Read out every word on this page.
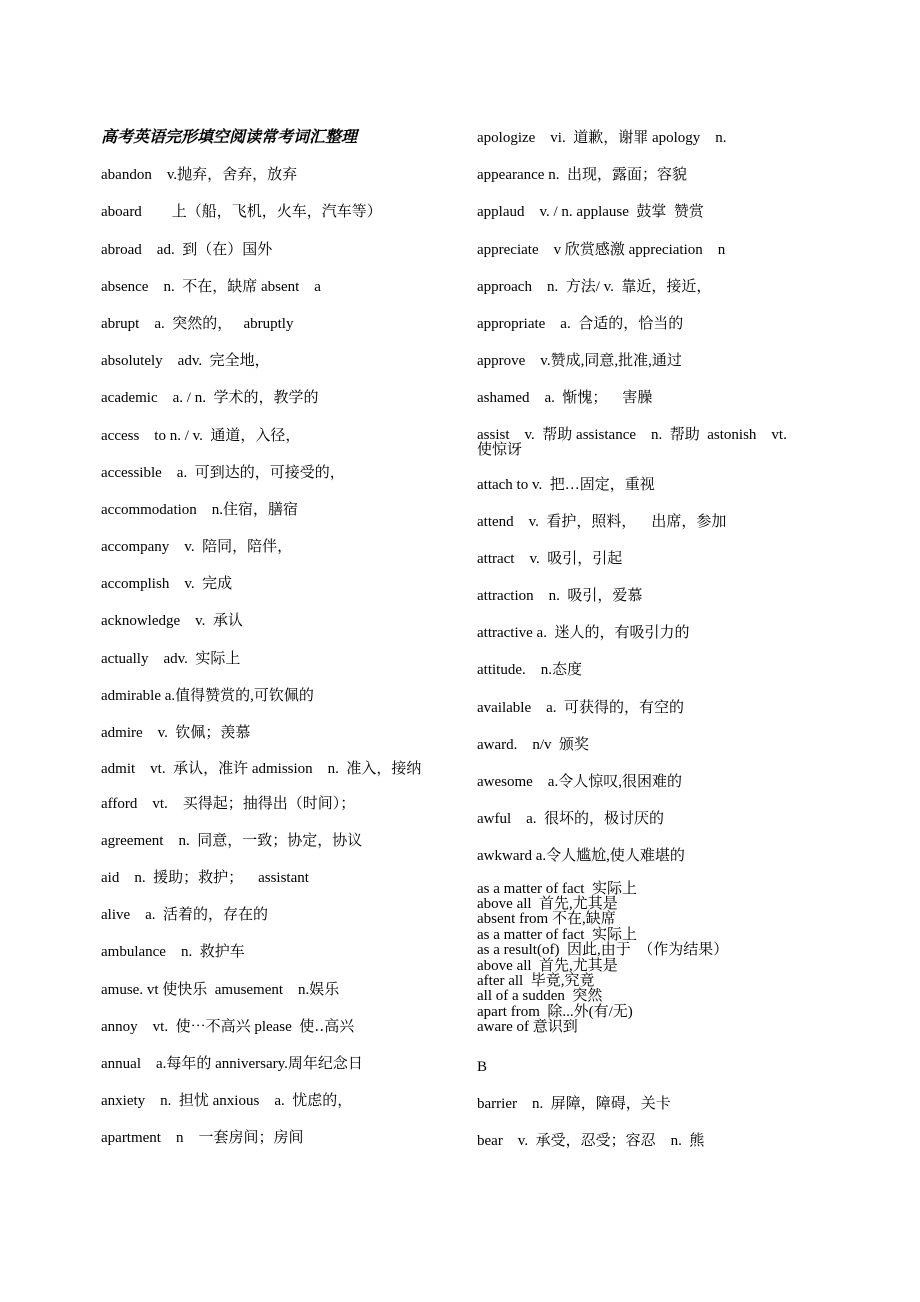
高考英语完形填空阅读常考词汇整理
abandon    v.抛弃，舍弃，放弃
aboard        上（船，飞机，火车，汽车等）
abroad    ad.  到（在）国外
absence    n.  不在，缺席 absent    a
abrupt    a.  突然的，   abruptly
absolutely    adv.  完全地，
academic    a. / n.  学术的，教学的
access    to n. / v.  通道，入径，
accessible    a.  可到达的，可接受的，
accommodation    n.住宿，膳宿
accompany    v.  陪同，陪伴，
accomplish    v.  完成
acknowledge    v.  承认
actually    adv.  实际上
admirable a.值得赞赏的,可钦佩的
admire    v.  钦佩；羡慕
admit    vt.  承认，准许 admission    n.  准入，接纳
afford    vt.    买得起；抽得出（时间）；
agreement    n.  同意，一致；协定，协议
aid    n.  援助；救护；    assistant
alive    a.  活着的，存在的
ambulance    n.  救护车
amuse. vt 使快乐  amusement    n.娱乐
annoy    vt.  使⋯不高兴 please  使‥高兴
annual    a.每年的 anniversary.周年纪念日
anxiety    n.  担忧 anxious    a.  忧虑的，
apartment    n    一套房间；房间
apologize    vi.  道歉，谢罪 apology    n.
appearance n.  出现，露面；容貌
applaud    v. / n. applause  鼓掌  赞赏
appreciate    v 欣赏感激 appreciation    n
approach    n.  方法/ v.  靠近，接近，
appropriate    a.  合适的，恰当的
approve    v.赞成,同意,批准,通过
ashamed    a.  惭愧；    害臊
assist    v.  帮助 assistance    n.  帮助  astonish    vt.  使惊讶
attach to v.  把…固定，重视
attend    v.  看护，照料，    出席，参加
attract    v.  吸引，引起
attraction    n.  吸引，爱慕
attractive a.  迷人的，有吸引力的
attitude.    n.态度
available    a.  可获得的，有空的
award.    n/v  颁奖
awesome    a.令人惊叹,很困难的
awful    a.  很坏的，极讨厌的
awkward a.令人尴尬,使人难堪的
as a matter of fact  实际上
above all  首先,尤其是
absent from 不在,缺席
as a matter of fact  实际上
as a result(of)  因此,由于  （作为结果）
above all  首先,尤其是
after all  毕竟,究竟
all of a sudden  突然
apart from  除...外(有/无)
aware of 意识到
B
barrier    n.  屏障，障碍，关卡
bear    v.  承受，忍受；容忍    n.  熊
